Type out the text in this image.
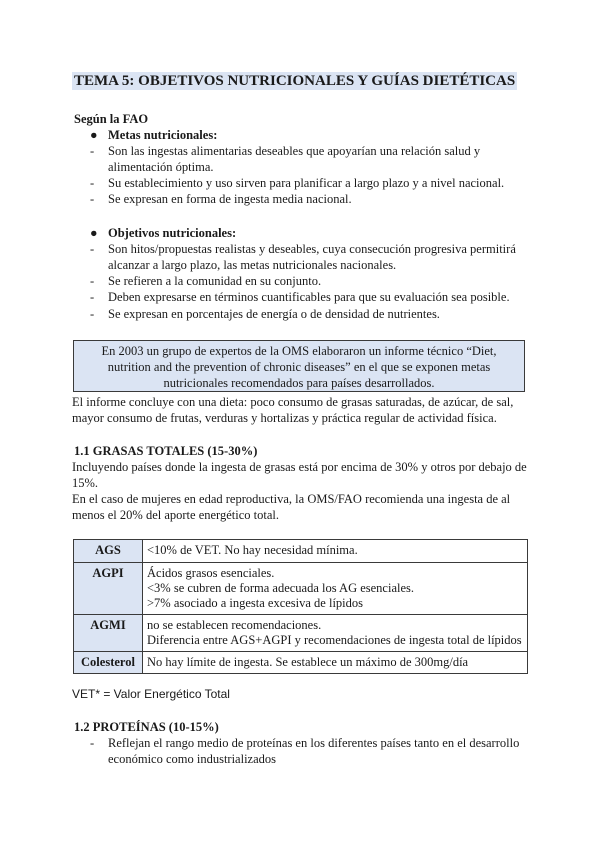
TEMA 5: OBJETIVOS NUTRICIONALES Y GUÍAS DIETÉTICAS
Según la FAO
● Metas nutricionales:
- Son las ingestas alimentarias deseables que apoyarían una relación salud y alimentación óptima.
- Su establecimiento y uso sirven para planificar a largo plazo y a nivel nacional.
- Se expresan en forma de ingesta media nacional.
● Objetivos nutricionales:
- Son hitos/propuestas realistas y deseables, cuya consecución progresiva permitirá alcanzar a largo plazo, las metas nutricionales nacionales.
- Se refieren a la comunidad en su conjunto.
- Deben expresarse en términos cuantificables para que su evaluación sea posible.
- Se expresan en porcentajes de energía o de densidad de nutrientes.
En 2003 un grupo de expertos de la OMS elaboraron un informe técnico “Diet, nutrition and the prevention of chronic diseases” en el que se exponen metas nutricionales recomendados para países desarrollados.
El informe concluye con una dieta: poco consumo de grasas saturadas, de azúcar, de sal, mayor consumo de frutas, verduras y hortalizas y práctica regular de actividad física.
1.1 GRASAS TOTALES (15-30%)
Incluyendo países donde la ingesta de grasas está por encima de 30% y otros por debajo de 15%.
En el caso de mujeres en edad reproductiva, la OMS/FAO recomienda una ingesta de al menos el 20% del aporte energético total.
AGS	<10% de VET. No hay necesidad mínima.

AGPI	Ácidos grasos esenciales.
<3% se cubren de forma adecuada los AG esenciales.
>7% asociado a ingesta excesiva de lípidos

AGMI	no se establecen recomendaciones.
Diferencia entre AGS+AGPI y recomendaciones de ingesta total de lípidos

Colesterol	No hay límite de ingesta. Se establece un máximo de 300mg/día
VET* = Valor Energético Total
1.2 PROTEÍNAS (10-15%)
- Reflejan el rango medio de proteínas en los diferentes países tanto en el desarrollo económico como industrializados
